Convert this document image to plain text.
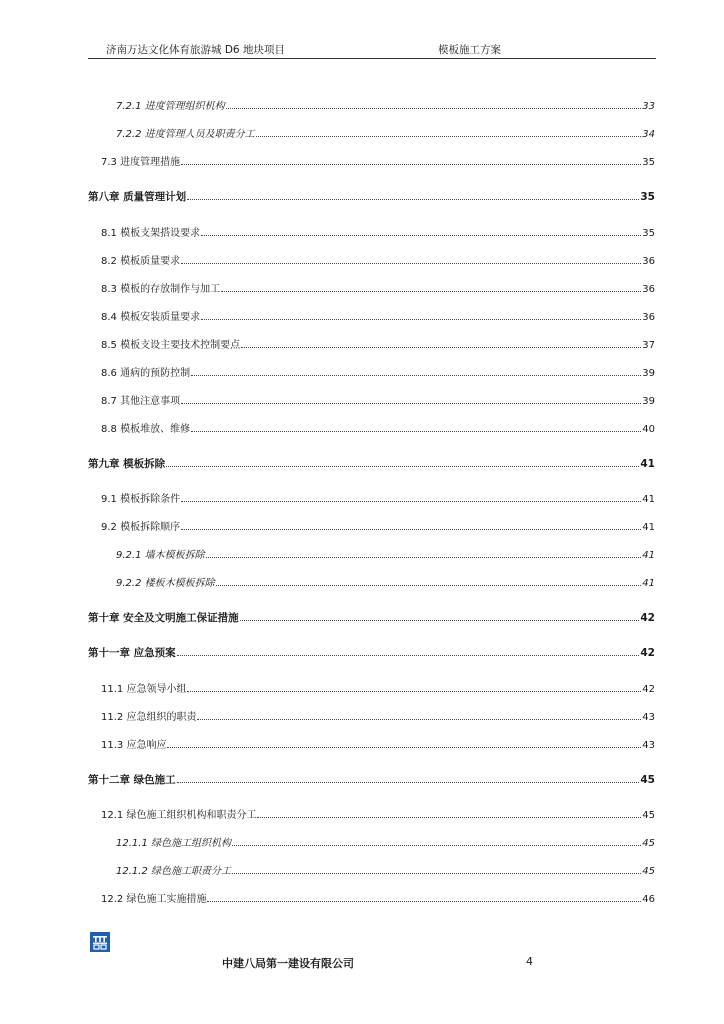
济南万达文化体育旅游城 D6 地块项目	模板施工方案
7.2.1 进度管理组织机构	33
7.2.2 进度管理人员及职责分工	34
7.3 进度管理措施	35
第八章 质量管理计划	35
8.1 模板支架搭设要求	35
8.2 模板质量要求	36
8.3 模板的存放制作与加工	36
8.4 模板安装质量要求	36
8.5 模板支设主要技术控制要点	37
8.6 通病的预防控制	39
8.7 其他注意事项	39
8.8 模板堆放、维修	40
第九章 模板拆除	41
9.1 模板拆除条件	41
9.2 模板拆除顺序	41
9.2.1 墙木模板拆除	41
9.2.2 楼板木模板拆除	41
第十章 安全及文明施工保证措施	42
第十一章 应急预案	42
11.1 应急领导小组	42
11.2 应急组织的职责	43
11.3 应急响应	43
第十二章 绿色施工	45
12.1 绿色施工组织机构和职责分工	45
12.1.1 绿色施工组织机构	45
12.1.2 绿色施工职责分工	45
12.2 绿色施工实施措施	46
中建八局第一建设有限公司	4
